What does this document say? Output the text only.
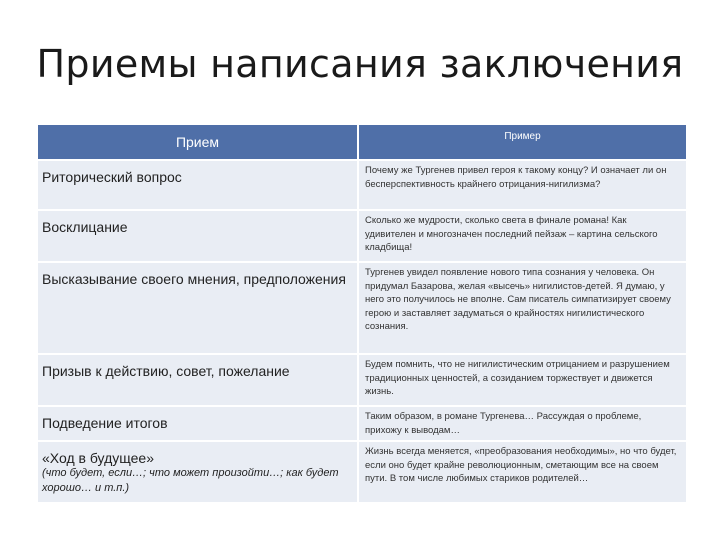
Приемы написания заключения
Прием	Пример
Риторический вопрос	Почему же Тургенев привел героя к такому концу? И означает ли он бесперспективность крайнего отрицания-нигилизма?
Восклицание	Сколько же мудрости, сколько света в финале романа! Как удивителен и многозначен последний пейзаж – картина сельского кладбища!
Высказывание своего мнения, предположения	Тургенев увидел появление нового типа сознания у человека. Он придумал Базарова, желая «высечь» нигилистов-детей. Я думаю, у него это получилось не вполне. Сам писатель симпатизирует своему герою и заставляет задуматься о крайностях нигилистического сознания.
Призыв к действию, совет, пожелание	Будем помнить, что не нигилистическим отрицанием и разрушением традиционных ценностей, а созиданием торжествует и движется жизнь.
Подведение итогов	Таким образом, в романе Тургенева… Рассуждая о проблеме, прихожу к выводам…
«Ход в будущее»
(что будет, если…; что может произойти…; как будет хорошо… и т.п.)	Жизнь всегда меняется, «преобразования необходимы», но что будет, если оно будет крайне революционным, сметающим все на своем пути. В том числе любимых стариков родителей…
